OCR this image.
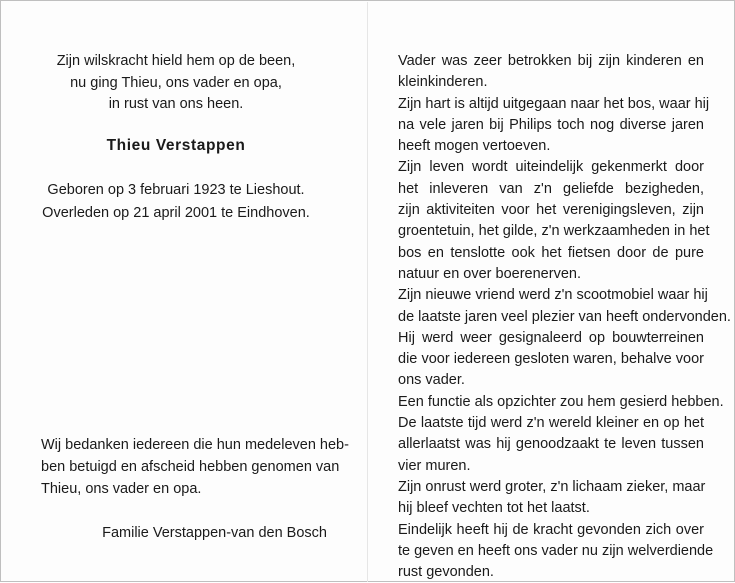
Zijn wilskracht hield hem op de been,
nu ging Thieu, ons vader en opa,
in rust van ons heen.
Thieu Verstappen
Geboren op 3 februari 1923 te Lieshout.
Overleden op 21 april 2001 te Eindhoven.
Wij bedanken iedereen die hun medeleven heb-
ben betuigd en afscheid hebben genomen van
Thieu, ons vader en opa.
Familie Verstappen-van den Bosch
Vader was zeer betrokken bij zijn kinderen en
kleinkinderen.
Zijn hart is altijd uitgegaan naar het bos, waar hij
na vele jaren bij Philips toch nog diverse jaren
heeft mogen vertoeven.
Zijn leven wordt uiteindelijk gekenmerkt door
het inleveren van z'n geliefde bezigheden,
zijn aktiviteiten voor het verenigingsleven, zijn
groentetuin, het gilde, z'n werkzaamheden in het
bos en tenslotte ook het fietsen door de pure
natuur en over boerenerven.
Zijn nieuwe vriend werd z'n scootmobiel waar hij
de laatste jaren veel plezier van heeft ondervonden.
Hij werd weer gesignaleerd op bouwterreinen
die voor iedereen gesloten waren, behalve voor
ons vader.
Een functie als opzichter zou hem gesierd hebben.
De laatste tijd werd z'n wereld kleiner en op het
allerlaatst was hij genoodzaakt te leven tussen
vier muren.
Zijn onrust werd groter, z'n lichaam zieker, maar
hij bleef vechten tot het laatst.
Eindelijk heeft hij de kracht gevonden zich over
te geven en heeft ons vader nu zijn welverdiende
rust gevonden.
